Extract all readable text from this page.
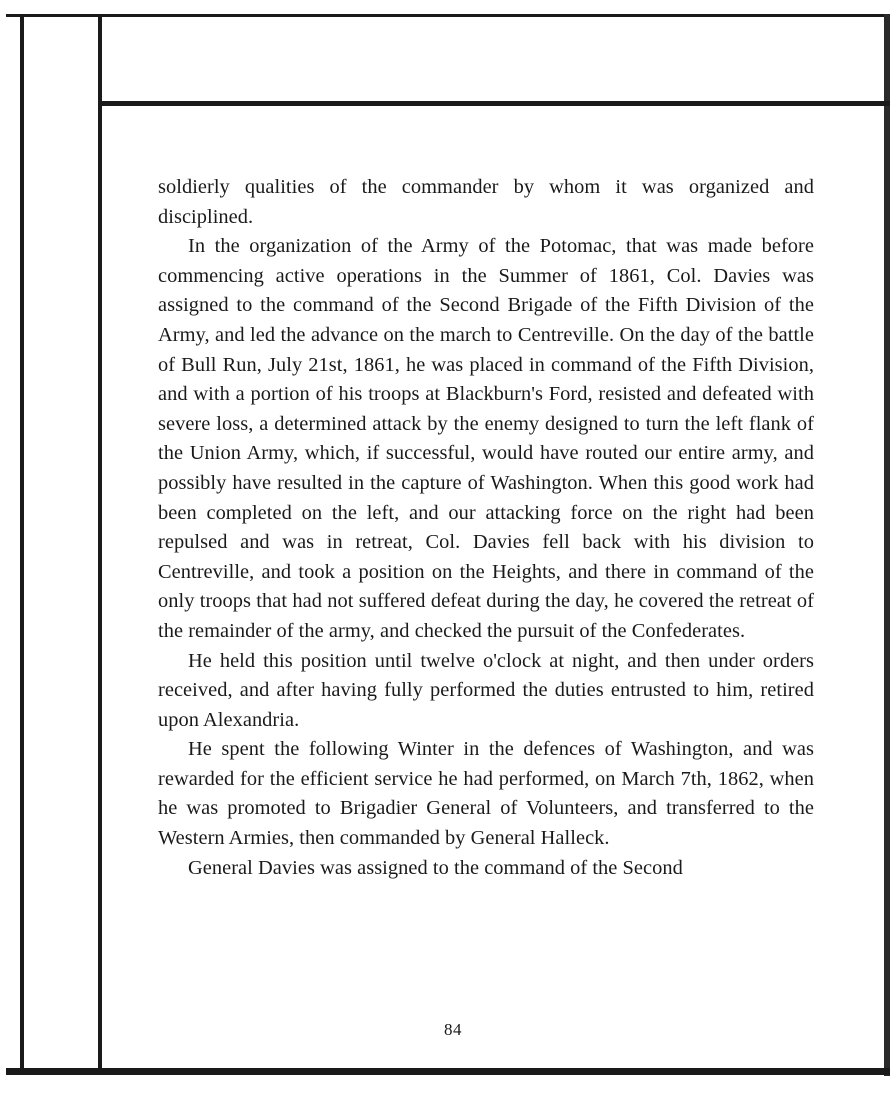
soldierly qualities of the commander by whom it was organized and disciplined.

In the organization of the Army of the Potomac, that was made before commencing active operations in the Summer of 1861, Col. Davies was assigned to the command of the Second Brigade of the Fifth Division of the Army, and led the advance on the march to Centreville. On the day of the battle of Bull Run, July 21st, 1861, he was placed in command of the Fifth Division, and with a portion of his troops at Blackburn's Ford, resisted and defeated with severe loss, a determined attack by the enemy designed to turn the left flank of the Union Army, which, if successful, would have routed our entire army, and possibly have resulted in the capture of Washington. When this good work had been completed on the left, and our attacking force on the right had been repulsed and was in retreat, Col. Davies fell back with his division to Centreville, and took a position on the Heights, and there in command of the only troops that had not suffered defeat during the day, he covered the retreat of the remainder of the army, and checked the pursuit of the Confederates.

He held this position until twelve o'clock at night, and then under orders received, and after having fully performed the duties entrusted to him, retired upon Alexandria.

He spent the following Winter in the defences of Washington, and was rewarded for the efficient service he had performed, on March 7th, 1862, when he was promoted to Brigadier General of Volunteers, and transferred to the Western Armies, then commanded by General Halleck.

General Davies was assigned to the command of the Second

84
